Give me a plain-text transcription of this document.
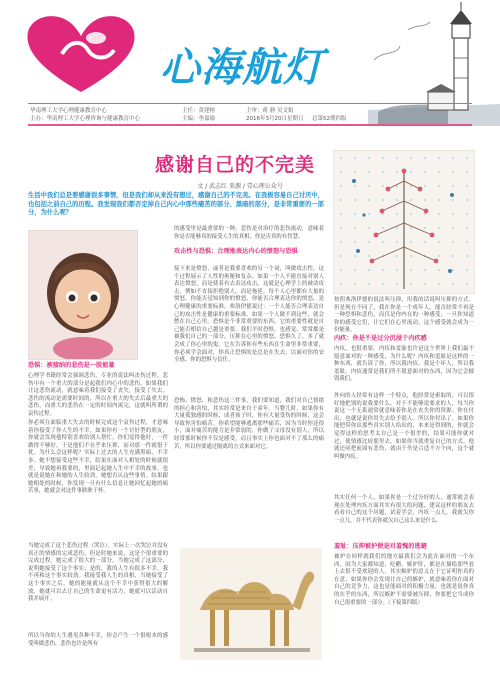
心海航灯
华南理工大学心理健康教育中心
主办：华南理工大学心理咨询与健康教育中心
主任：黄建榕
主编：李嘉瑜
主审：蒋 静 吴文娟
2016年3月20日星期日 总第52期四版
感谢自己的不完美
文 / 武志红 来源 / 壹心理公众号
生活中我们总是要感谢很多事情，但是我们却从来没有想过，感谢自己的不完美。在我极容易自己讨厌中，也包括之前自己的历程。我发现我们都否定掉自己内心中那些痛苦的部分、黑暗的部分，是非常重要的一部分，为什么呢？
恐惧：被接纳的悲伤是一股能量
心理学书籍经常会强调悲伤，专业的说法叫丧伤过程。悲伤中有一个重大的部分是起我们内心中的悲伤。如果我们让这悲伤流动，就意味着我们接受了丧失，接受了失去。悲伤的流动是需要时间的，所以在重大的失去后最重大的悲伤，而重大的悲伤在一定的时间内流完，这就叫所谓的哀伤过程。
你必须在面临重大失去的时候完成这个哀伤过程，才意味着你接受了你人生的不幸。如果你有一个讨好型的朋友，你就会发现他特别喜欢给别人帮忙，你们觉得他好，一件做得不够好，于是他们不在乎来压抑，而对那一件就很干扰。为什么会这样呢？实际上过去的人生充满黑暗，不幸多。她不想接受这些不幸，结果在面对人相处的时候就很差，导致她再我要的，里面记起她人生中不幸的故事，也就是说她在和她的人生较劲，她想否认这些事情。结果跟她相处的时候，你发现一旦有什么信息让她回忆起她的痛苦事，她就会对这件事耿耿于怀。
当她完成了这个悲伤过程（哭泣），实际上一次哭泣并没有真正的情感的完成悲伤，但是时她来说，这是个很重要的完成过程。她完成了很大的一部分，当她完成了这部分，说明她接受了这个事实；是的，我的人生有很多不幸，我不再和这个事实较劲。我接受我人生的真相，当她接受了这个事实之后，她的能量就从这个不幸中获得很大的解放，她就可以去让自己的生命更有活力，她就可以活动自我并展开。
所以当你的人生遇见各种不幸，你会产生一个很根本的感受叫做悲伤，悲伤也许是所有
的感受里是最重要的一种。悲伤是对治疗的悲伤流动，意味着你是否能够真的接受人生的真相，你是否真的有智慧。
攻击性与恐惧：合理地表达内心的愤怒与恐惧
接下来是愤怒，或者是我要喜欢的另一个词，叫做攻击性，这个过程展示了人性的奥秘和复杂。如果一个人不能直接对别人表达愤怒，而是使着有去表达攻击。这就是心理学上的被动攻击。例如不直接拒绝别人，而是拖延。每个人心里都有大量的愤怒，你能否觉知到你的愤怒，你能否合理表达你的愤怒，是心理健康的重要标准。弗洛伊德说过：一个人能否合理表达自己的攻击性是健康的重要标准。如果一个人做不到这些，就会憋在自己心里。恐惧是个非常重要的东西，它的重要性就是自己能否相信自己越是重要。我们平时恐惧，也感觉、常常都是被我们自己的一部分，压抑在心里的愤怒、恐惧久了，多了就会成了你心里的鬼。它在告诉你有些东西在生命里非常重要，你必须学会面对，你真正恐惧的是总是在失去，以面对你的安全感、你的恐惧与信任。
恐怖、愤怒、和悲伤这三件事，我们要知道，我们对自己情绪的担心和害怕，其实经常是来自于童年。当婴儿时，如果你有大量孤独感的时候，成者孩子时，你有大量受伤的时候，这会导致你害怕痛苦。你希望能够逃离那些痛苦，因为当时你还很小，面对痛苦的能力是非常弱的，你做了父母没有别人，所以经常那时候你不仅是感受，而且事实上你也面对不了那么的痛苦，所以你要通过隔离的方式来面对它。
按照弗洛伊德的说法叫压抑，用我的话说叫压抑的方式。但是现在不同了，我在你是一个成年人，能否经常不再是一种恐惧和悲伤，而仅是你内在的一种感受，一旦你知道你的感受它们，让它们在心里流动，这个感受就会成为一份能量。
内疚：你是不是过分沉浸于内疚感
内疚，也很重要。内疚和羞耻也许是这个世界上我们最不愿意面对的一种感受，为什么呢？内疚和羞耻是这样的一种东西，就告诉了你，所以我内疚。我是个坏人，所以我羞耻。内疚通常是我们所不愿意面对的东西，因为它会摧毁我们。
外向的人经常有这样一个特点，他经常是索取的，可以很好地把别的说我要什么，对于不能够说要求的人，每当你说这一个无系通常就意味着你是在丧失你的资源；你在付出，也就是说你用失去给予别人。所以你付出了。如果你能把带你出那些真实别人给出的，本来是得到的，你就会觉得这样的思考太自己是一个很差的，结果可能你就对过，使情感比较那里去，如果你当就重复自已的方式。他就还同把前面有悲伤，就由于坐是合适不方个向，这个就叫做内疚。
其实任何一个人，如果你是一个过分好的人，通常就会表现在处理内疚方面其实有很大的问题，建议这样的朋友去看看自己的这个问题，试着学会，内疚一点儿，我就欠你一点儿，并不代表你就欠自己这么来是什么。
羞耻：压抑被护便是对羞愧的逃避
被护在同样就我们的地方最我们会为此在面对的一个东西，因为大家都知道，吃醋，嫉妒肝，都是在描绘那些看上去很不受欢迎的人。其实嫉妒的意义在于它证明你真的在意，如果你你会发现让自己的嫉妒，就意味着你在面对自己的竞争力，这也是能面对的积极力量，也就是说你真的在乎的东西，所以嫉妒不需要被压抑，你要把它当成你自己很重要的一部分。（下接第四版）
